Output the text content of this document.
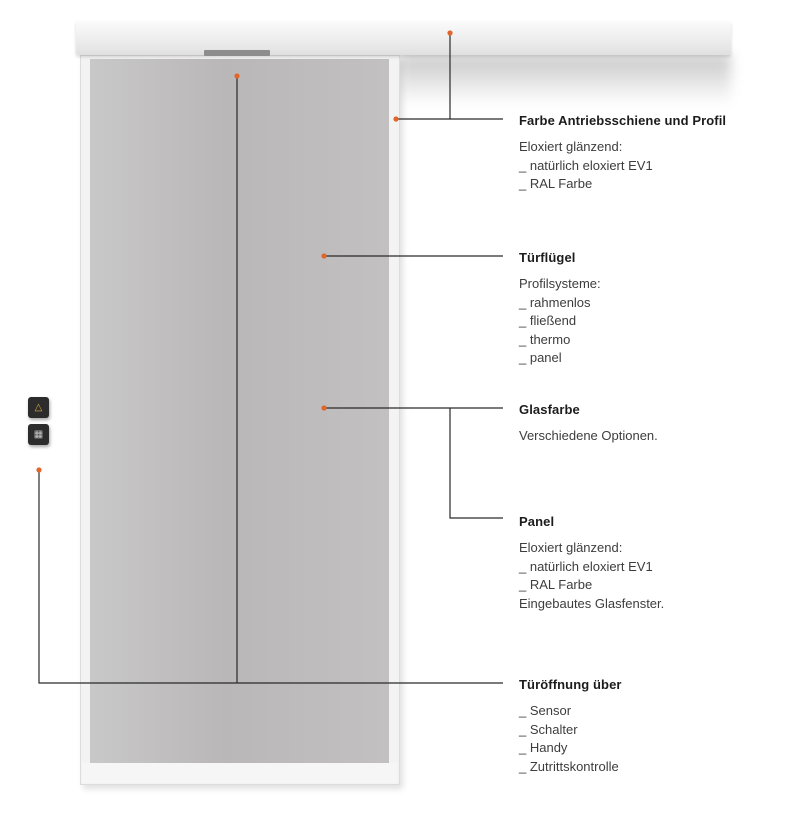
△
▦

Farbe Antriebsschiene und Profil

Eloxiert glänzend:

_ natürlich eloxiert EV1

_ RAL Farbe

Türflügel

Profilsysteme:

_ rahmenlos

_ fließend

_ thermo

_ panel

Glasfarbe

Verschiedene Optionen.

Panel

Eloxiert glänzend:

_ natürlich eloxiert EV1

_ RAL Farbe

Eingebautes Glasfenster.

Türöffnung über

_ Sensor

_ Schalter

_ Handy

_ Zutrittskontrolle
